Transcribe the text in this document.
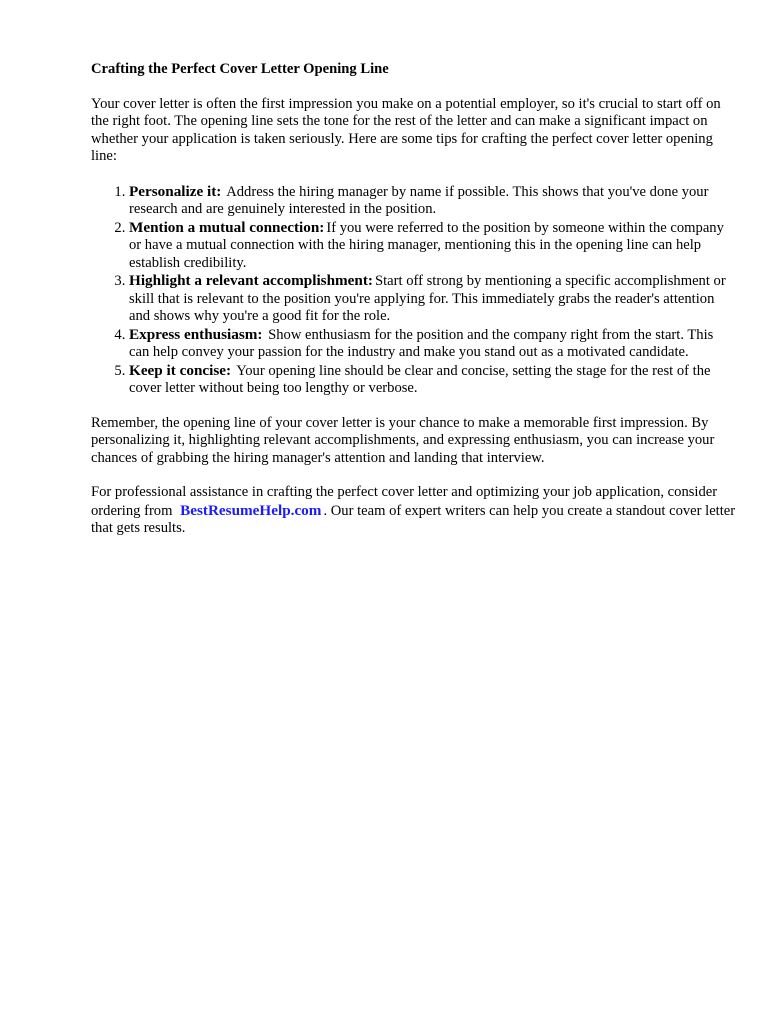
Crafting the Perfect Cover Letter Opening Line

Your cover letter is often the first impression you make on a potential employer, so it's crucial to start off on the right foot. The opening line sets the tone for the rest of the letter and can make a significant impact on whether your application is taken seriously. Here are some tips for crafting the perfect cover letter opening line:

1. Personalize it: Address the hiring manager by name if possible. This shows that you've done your research and are genuinely interested in the position.
2. Mention a mutual connection: If you were referred to the position by someone within the company or have a mutual connection with the hiring manager, mentioning this in the opening line can help establish credibility.
3. Highlight a relevant accomplishment: Start off strong by mentioning a specific accomplishment or skill that is relevant to the position you're applying for. This immediately grabs the reader's attention and shows why you're a good fit for the role.
4. Express enthusiasm: Show enthusiasm for the position and the company right from the start. This can help convey your passion for the industry and make you stand out as a motivated candidate.
5. Keep it concise: Your opening line should be clear and concise, setting the stage for the rest of the cover letter without being too lengthy or verbose.

Remember, the opening line of your cover letter is your chance to make a memorable first impression. By personalizing it, highlighting relevant accomplishments, and expressing enthusiasm, you can increase your chances of grabbing the hiring manager's attention and landing that interview.

For professional assistance in crafting the perfect cover letter and optimizing your job application, consider ordering from BestResumeHelp.com . Our team of expert writers can help you create a standout cover letter that gets results.
